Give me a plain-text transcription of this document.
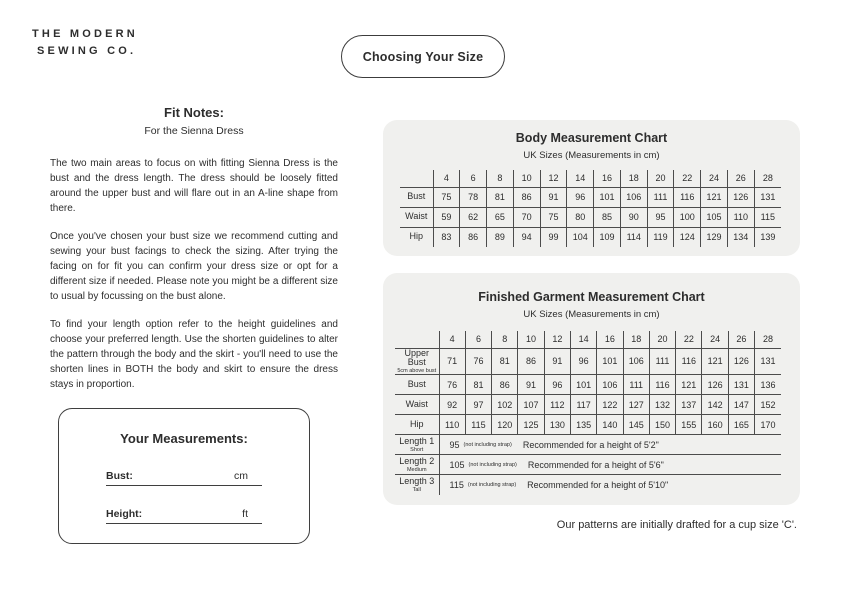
THE MODERN
SEWING CO.	Choosing Your Size
Fit Notes:
For the Sienna Dress

The two main areas to focus on with fitting Sienna Dress is the bust and the dress length. The dress should be loosely fitted around the upper bust and will flare out in an A-line shape from there.

Once you've chosen your bust size we recommend cutting and sewing your bust facings to check the sizing. After trying the facing on for fit you can confirm your dress size or opt for a different size if needed. Please note you might be a different size to usual by focussing on the bust alone.

To find your length option refer to the height guidelines and choose your preferred length. Use the shorten guidelines to alter the pattern through the body and the skirt - you'll need to use the shorten lines in BOTH the body and skirt to ensure the dress stays in proportion.

Your Measurements:
Bust:	cm
Height:	ft
Body Measurement Chart
UK Sizes (Measurements in cm)
	4	6	8	10	12	14	16	18	20	22	24	26	28

Bust	75	78	81	86	91	96	101	106	111	116	121	126	131

Waist	59	62	65	70	75	80	85	90	95	100	105	110	115

Hip	83	86	89	94	99	104	109	114	119	124	129	134	139
Finished Garment Measurement Chart
UK Sizes (Measurements in cm)
	4	6	8	10	12	14	16	18	20	22	24	26	28

Upper Bust
5cm above bust	71	76	81	86	91	96	101	106	111	116	121	126	131

Bust	76	81	86	91	96	101	106	111	116	121	126	131	136

Waist	92	97	102	107	112	117	122	127	132	137	142	147	152

Hip	110	115	120	125	130	135	140	145	150	155	160	165	170

Length 1
Short	95 (not including strap) Recommended for a height of 5'2"

Length 2
Medium	105 (not including strap) Recommended for a height of 5'6"

Length 3
Tall	115 (not including strap) Recommended for a height of 5'10"
Our patterns are initially drafted for a cup size 'C'.
